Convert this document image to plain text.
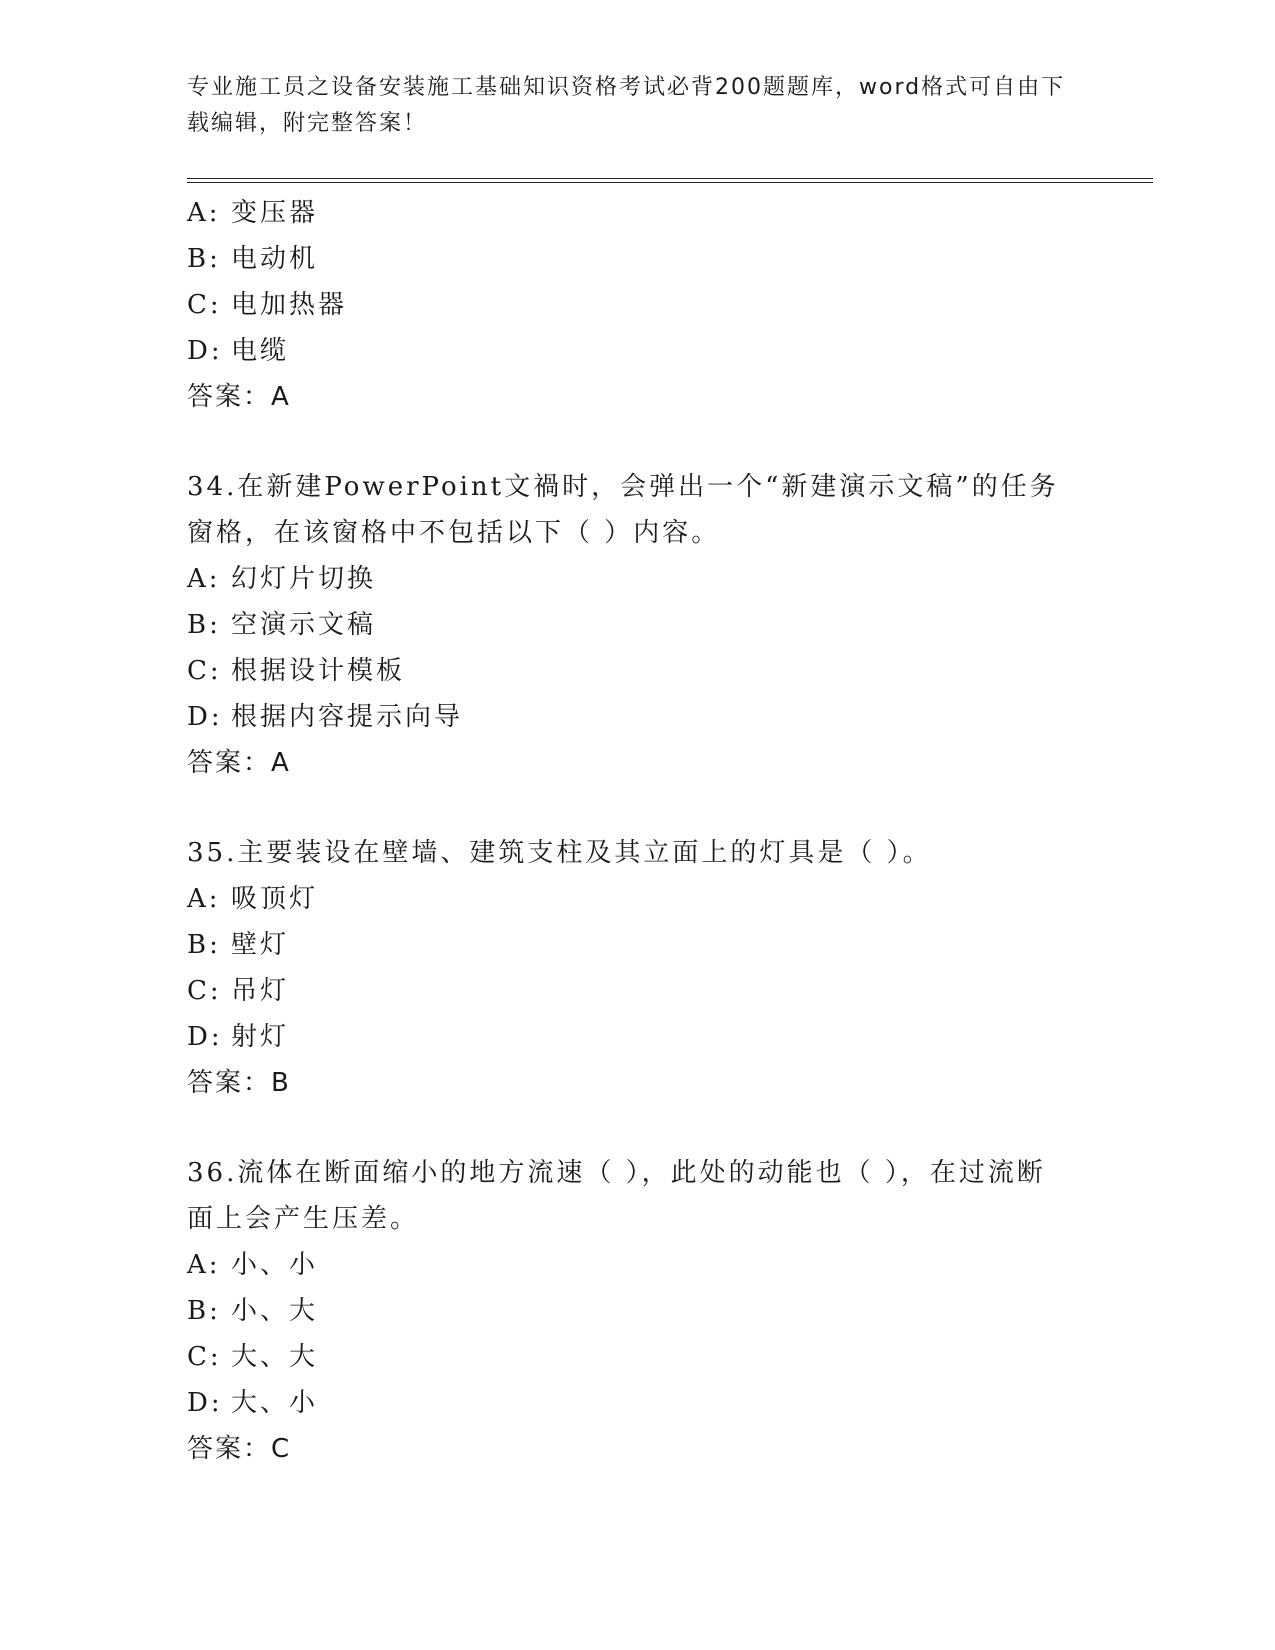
专业施工员之设备安装施工基础知识资格考试必背200题题库，word格式可自由下载编辑，附完整答案！
A: 变压器
B: 电动机
C: 电加热器
D: 电缆
答案：A
34.在新建PowerPoint文禍时，会弹出一个“新建演示文稿”的任务窗格，在该窗格中不包括以下（ ）内容。
A: 幻灯片切换
B: 空演示文稿
C: 根据设计模板
D: 根据内容提示向导
答案：A
35.主要装设在壁墙、建筑支柱及其立面上的灯具是（ ）。
A: 吸顶灯
B: 壁灯
C: 吊灯
D: 射灯
答案：B
36.流体在断面缩小的地方流速（ ），此处的动能也（ ），在过流断面上会产生压差。
A: 小、小
B: 小、大
C: 大、大
D: 大、小
答案：C
